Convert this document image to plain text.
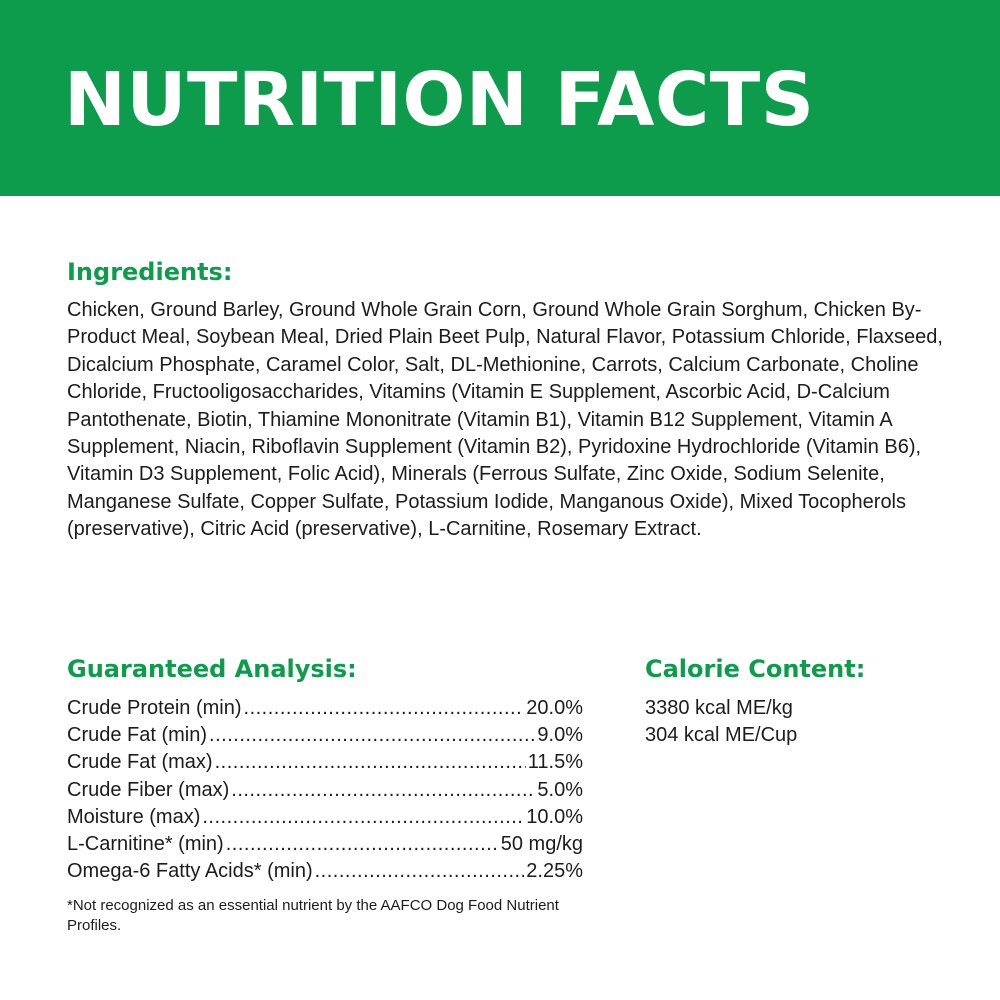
NUTRITION FACTS
Ingredients:

Chicken, Ground Barley, Ground Whole Grain Corn, Ground Whole Grain Sorghum, Chicken By-Product Meal, Soybean Meal, Dried Plain Beet Pulp, Natural Flavor, Potassium Chloride, Flaxseed, Dicalcium Phosphate, Caramel Color, Salt, DL-Methionine, Carrots, Calcium Carbonate, Choline Chloride, Fructooligosaccharides, Vitamins (Vitamin E Supplement, Ascorbic Acid, D-Calcium Pantothenate, Biotin, Thiamine Mononitrate (Vitamin B1), Vitamin B12 Supplement, Vitamin A Supplement, Niacin, Riboflavin Supplement (Vitamin B2), Pyridoxine Hydrochloride (Vitamin B6), Vitamin D3 Supplement, Folic Acid), Minerals (Ferrous Sulfate, Zinc Oxide, Sodium Selenite, Manganese Sulfate, Copper Sulfate, Potassium Iodide, Manganous Oxide), Mixed Tocopherols (preservative), Citric Acid (preservative), L-Carnitine, Rosemary Extract.

Guaranteed Analysis:
Crude Protein (min) .....	20.0%
Crude Fat (min) .....	9.0%
Crude Fat (max) .....	11.5%
Crude Fiber (max) .....	5.0%
Moisture (max) .....	10.0%
L-Carnitine* (min) .....	50 mg/kg
Omega-6 Fatty Acids* (min) .....	2.25%

*Not recognized as an essential nutrient by the AAFCO Dog Food Nutrient Profiles.

Calorie Content:
3380 kcal ME/kg
304 kcal ME/Cup
